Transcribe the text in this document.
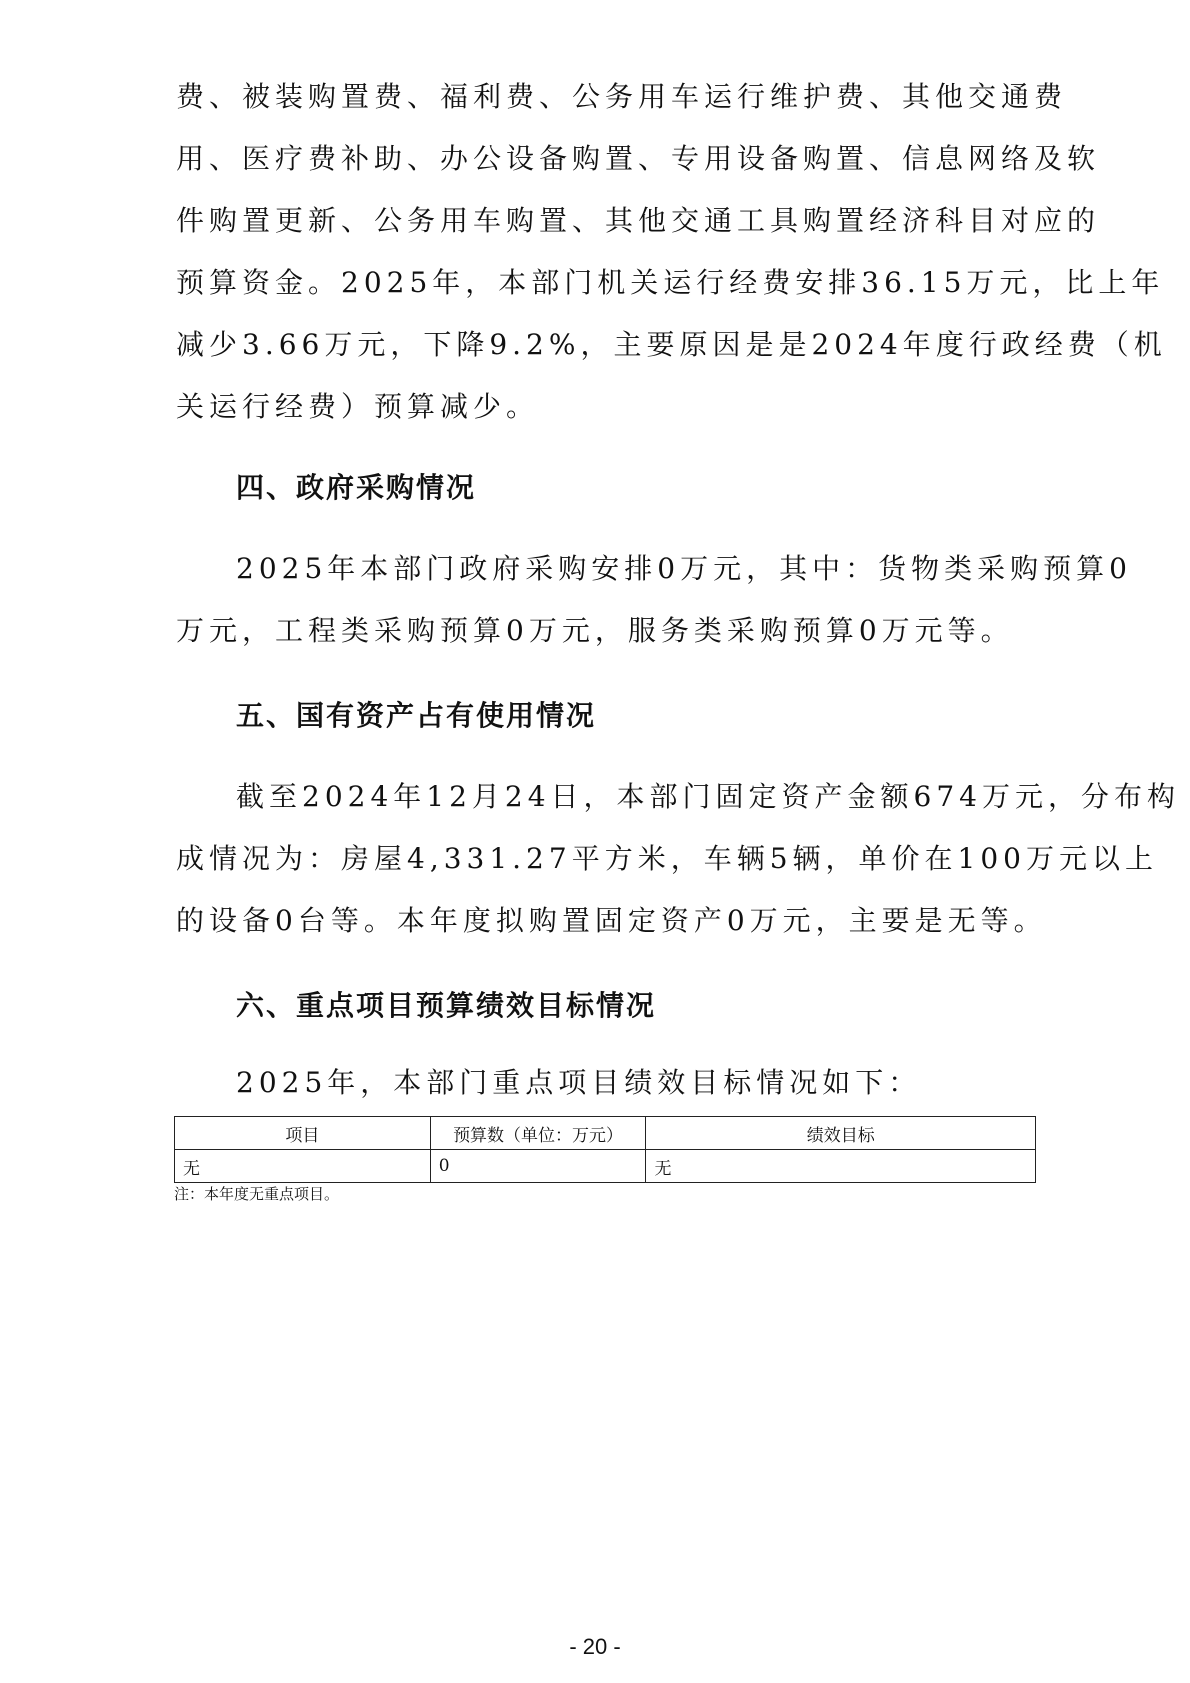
费、被装购置费、福利费、公务用车运行维护费、其他交通费
用、医疗费补助、办公设备购置、专用设备购置、信息网络及软
件购置更新、公务用车购置、其他交通工具购置经济科目对应的
预算资金。2025年，本部门机关运行经费安排36.15万元，比上年
减少3.66万元，下降9.2%，主要原因是是2024年度行政经费（机
关运行经费）预算减少。
四、政府采购情况
2025年本部门政府采购安排0万元，其中：货物类采购预算0
万元，工程类采购预算0万元，服务类采购预算0万元等。
五、国有资产占有使用情况
截至2024年12月24日，本部门固定资产金额674万元，分布构
成情况为：房屋4,331.27平方米，车辆5辆，单价在100万元以上
的设备0台等。本年度拟购置固定资产0万元，主要是无等。
六、重点项目预算绩效目标情况
2025年，本部门重点项目绩效目标情况如下：
项目	预算数（单位：万元）	绩效目标
无	0	无
注：本年度无重点项目。
- 20 -
